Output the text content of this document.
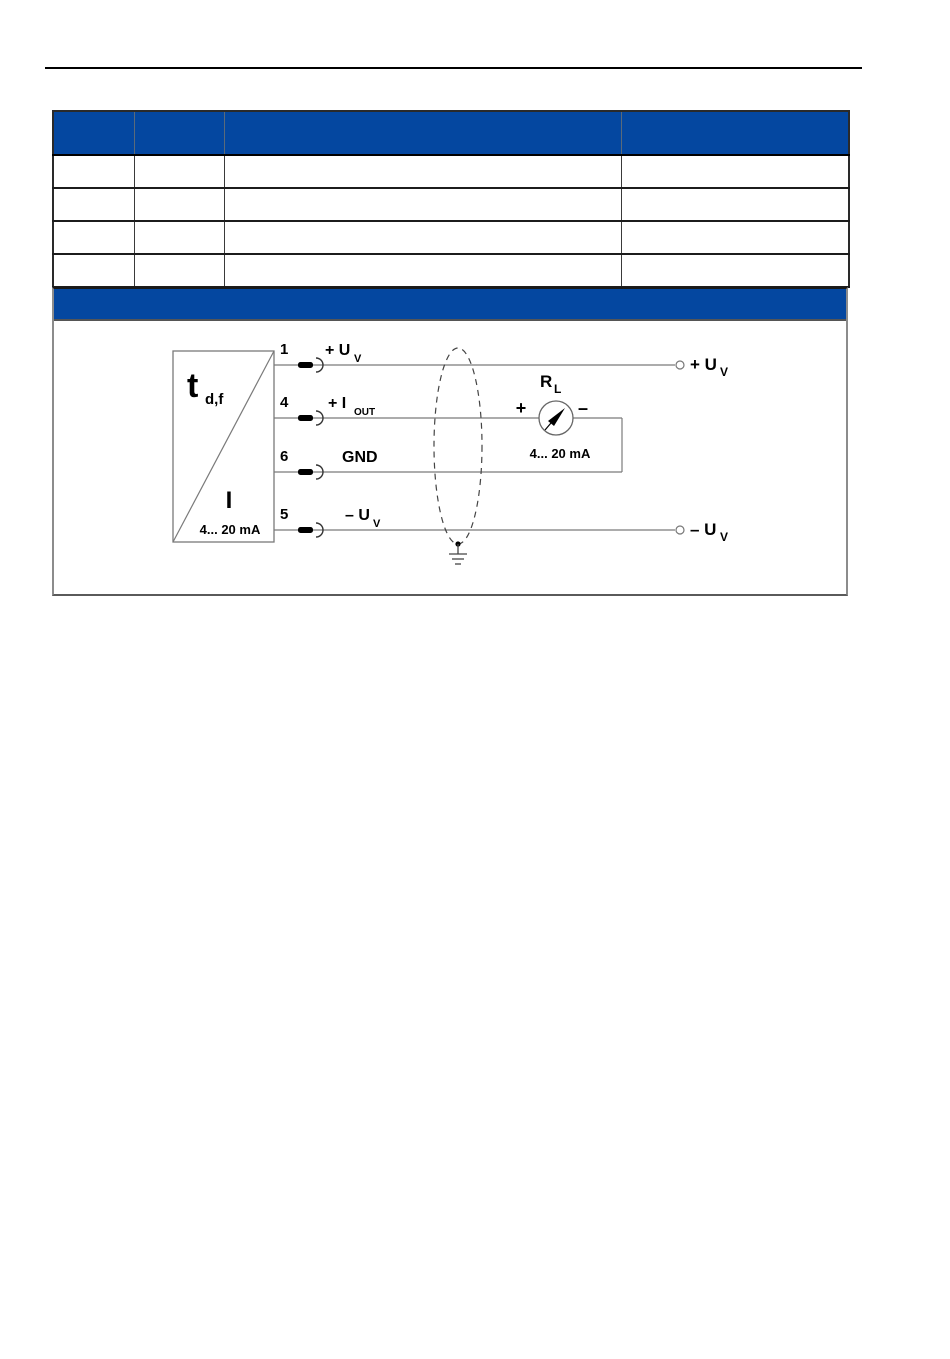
t d,f
I
4... 20 mA
1
4
6
5
+ U V
+ I
OUT
GND
– U V
R L
+	–
4... 20 mA
+ U V
– U V
